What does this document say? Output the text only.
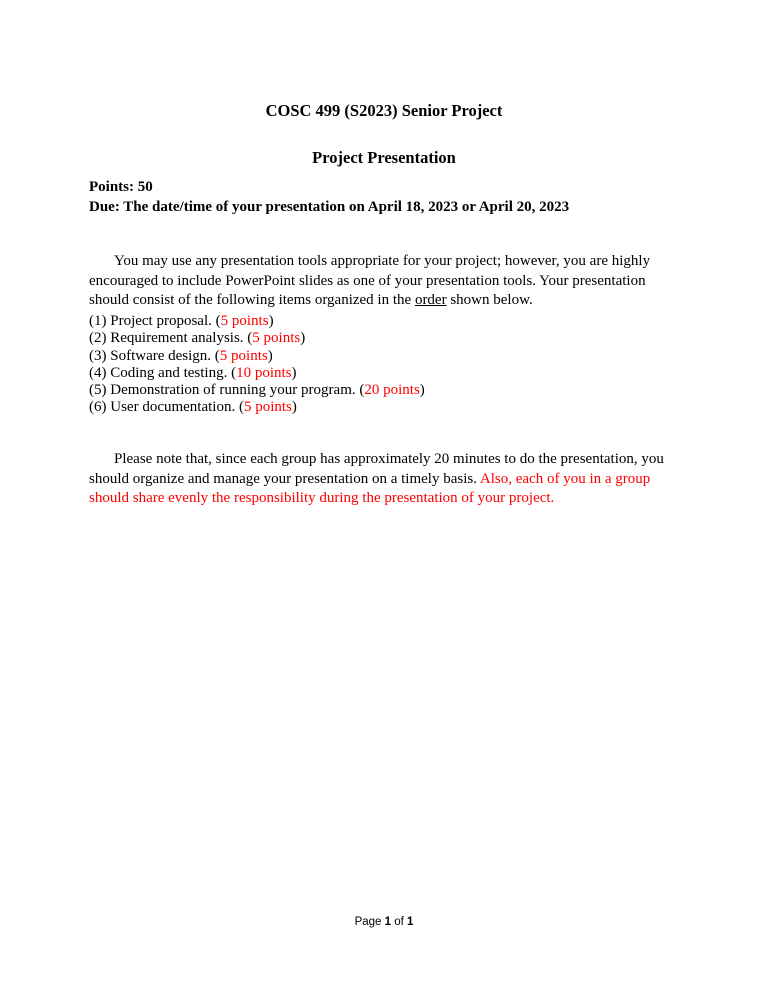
COSC 499 (S2023) Senior Project
Project Presentation
Points: 50
Due: The date/time of your presentation on April 18, 2023 or April 20, 2023

You may use any presentation tools appropriate for your project; however, you are highly encouraged to include PowerPoint slides as one of your presentation tools. Your presentation should consist of the following items organized in the order shown below.

(1) Project proposal. (5 points)
(2) Requirement analysis. (5 points)
(3) Software design. (5 points)
(4) Coding and testing. (10 points)
(5) Demonstration of running your program. (20 points)
(6) User documentation. (5 points)

Please note that, since each group has approximately 20 minutes to do the presentation, you should organize and manage your presentation on a timely basis. Also, each of you in a group should share evenly the responsibility during the presentation of your project.

Page 1 of 1
